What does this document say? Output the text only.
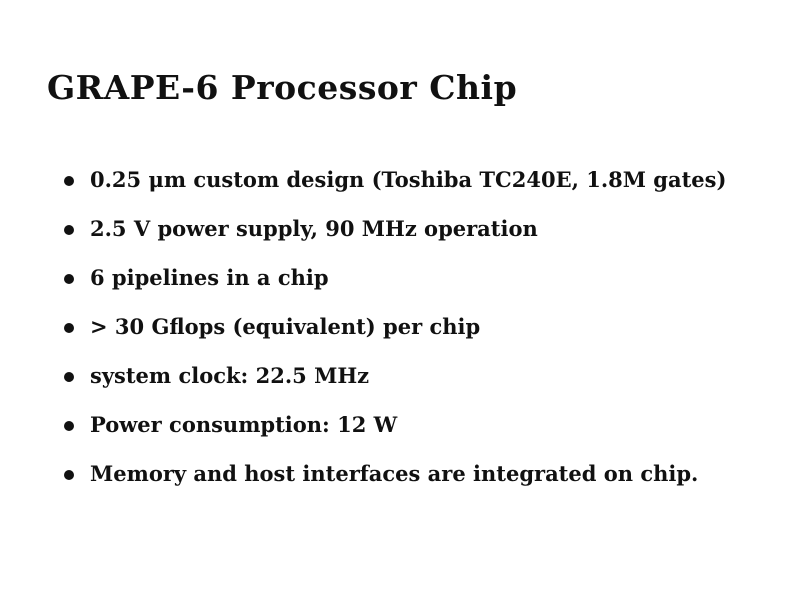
GRAPE-6 Processor Chip
0.25 μm custom design (Toshiba TC240E, 1.8M gates)
2.5 V power supply, 90 MHz operation
6 pipelines in a chip
> 30 Gflops (equivalent) per chip
system clock: 22.5 MHz
Power consumption: 12 W
Memory and host interfaces are integrated on chip.
